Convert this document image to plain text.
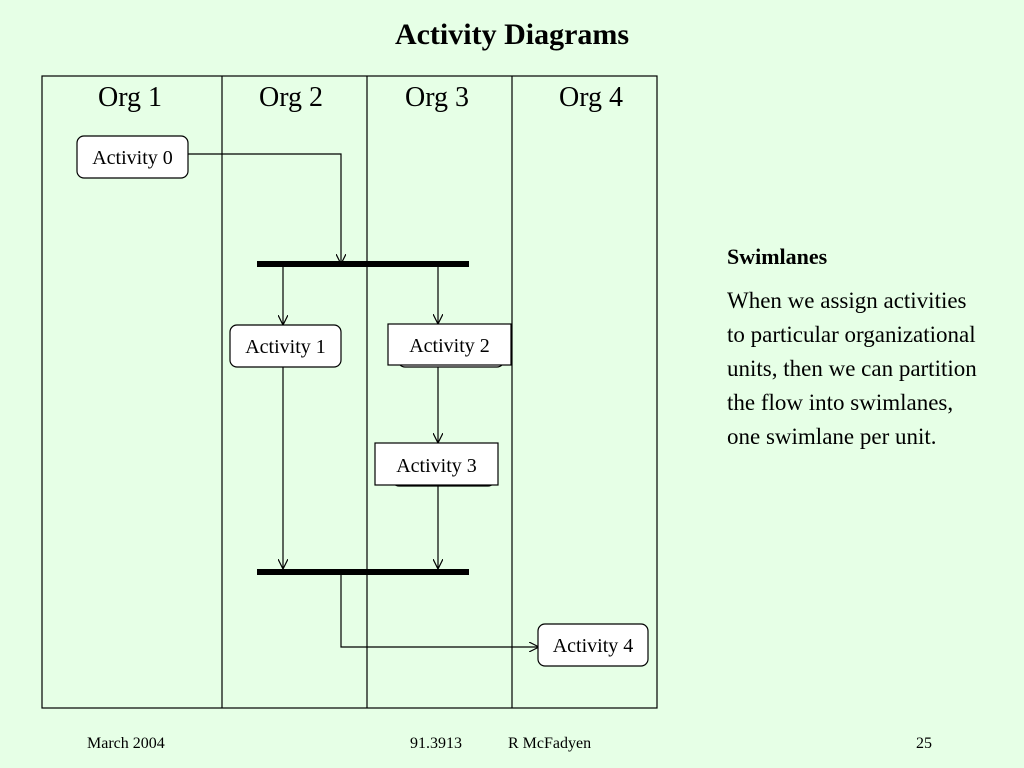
Activity Diagrams
Org 1	Org 2	Org 3	Org 4
Activity 0
Activity 1	Activity 2
Activity 3
Activity 4

Swimlanes

When we assign activities to particular organizational units, then we can partition the flow into swimlanes, one swimlane per unit.

March 2004	91.3913	R McFadyen	25
